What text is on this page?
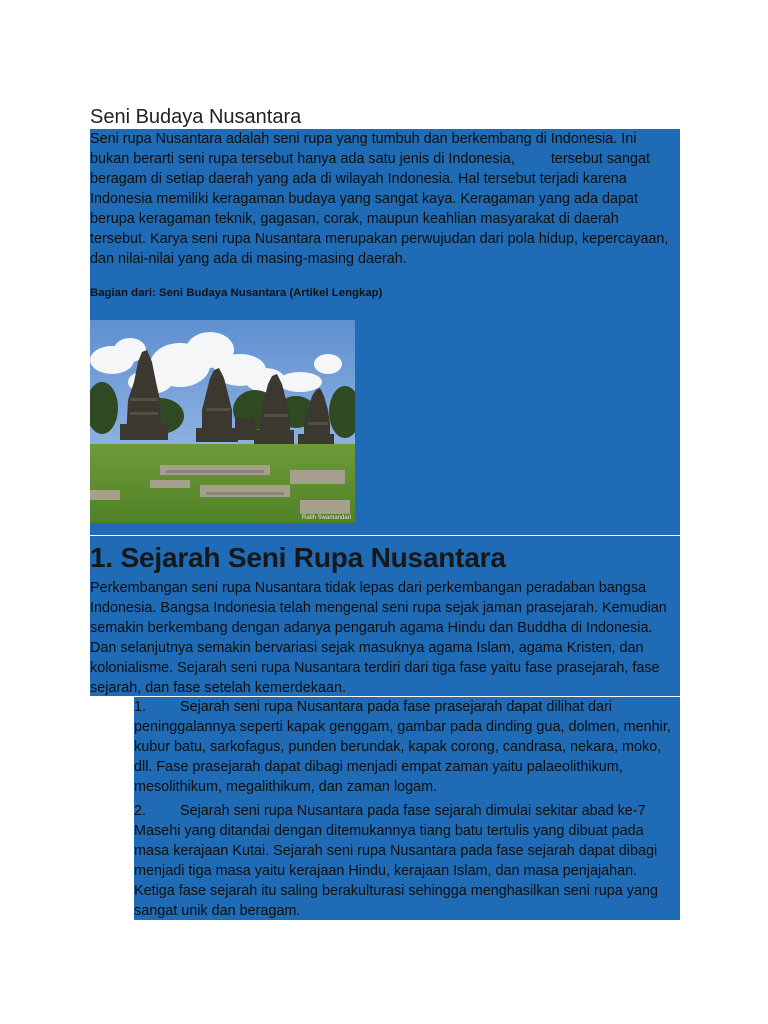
Seni Budaya Nusantara

Seni rupa Nusantara adalah seni rupa yang tumbuh dan berkembang di Indonesia. Ini bukan berarti seni rupa tersebut hanya ada satu jenis di Indonesia,	tersebut sangat beragam di setiap daerah yang ada di wilayah Indonesia. Hal tersebut terjadi karena Indonesia memiliki keragaman budaya yang sangat kaya. Keragaman yang ada dapat berupa keragaman teknik, gagasan, corak, maupun keahlian masyarakat di daerah tersebut. Karya seni rupa Nusantara merupakan perwujudan dari pola hidup, kepercayaan, dan nilai-nilai yang ada di masing-masing daerah.

Bagian dari: Seni Budaya Nusantara (Artikel Lengkap)
Ratih Swamandari
1. Sejarah Seni Rupa Nusantara

Perkembangan seni rupa Nusantara tidak lepas dari perkembangan peradaban bangsa Indonesia. Bangsa Indonesia telah mengenal seni rupa sejak jaman prasejarah. Kemudian semakin berkembang dengan adanya pengaruh agama Hindu dan Buddha di Indonesia. Dan selanjutnya semakin bervariasi sejak masuknya agama Islam, agama Kristen, dan kolonialisme. Sejarah seni rupa Nusantara terdiri dari tiga fase yaitu fase prasejarah, fase sejarah, dan fase setelah kemerdekaan.

1. Sejarah seni rupa Nusantara pada fase prasejarah dapat dilihat dari peninggalannya seperti kapak genggam, gambar pada dinding gua, dolmen, menhir, kubur batu, sarkofagus, punden berundak, kapak corong, candrasa, nekara, moko, dll. Fase prasejarah dapat dibagi menjadi empat zaman yaitu palaeolithikum, mesolithikum, megalithikum, dan zaman logam.
2. Sejarah seni rupa Nusantara pada fase sejarah dimulai sekitar abad ke-7 Masehi yang ditandai dengan ditemukannya tiang batu tertulis yang dibuat pada masa kerajaan Kutai. Sejarah seni rupa Nusantara pada fase sejarah dapat dibagi menjadi tiga masa yaitu kerajaan Hindu, kerajaan Islam, dan masa penjajahan. Ketiga fase sejarah itu saling berakulturasi sehingga menghasilkan seni rupa yang sangat unik dan beragam.
